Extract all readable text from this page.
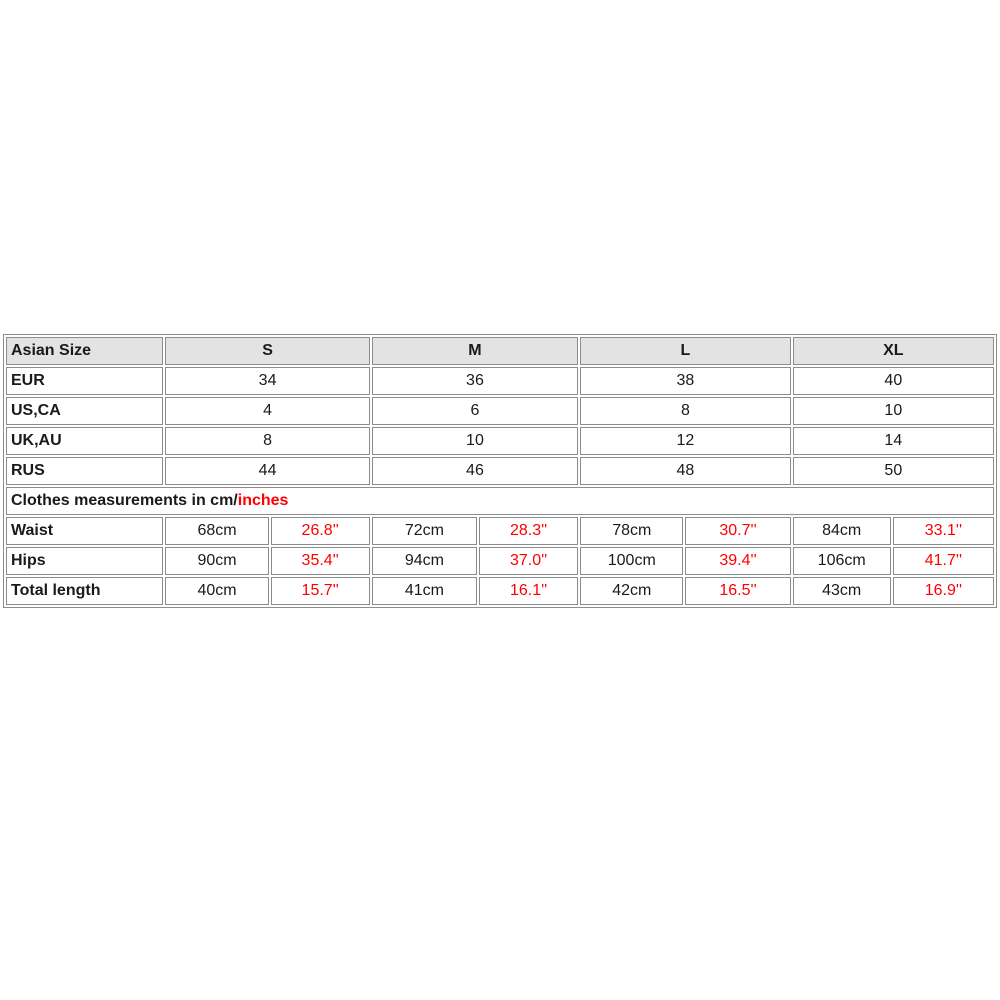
Asian Size	S		M		L		XL	
EUR	34		36		38		40	
US,CA	4		6		8		10	
UK,AU	8		10		12		14	
RUS	44		46		48		50	
Clothes measurements in cm/inches								
Waist	68cm	26.8''	72cm	28.3''	78cm	30.7''	84cm	33.1''
Hips	90cm	35.4''	94cm	37.0''	100cm	39.4''	106cm	41.7''
Total length	40cm	15.7''	41cm	16.1''	42cm	16.5''	43cm	16.9''
